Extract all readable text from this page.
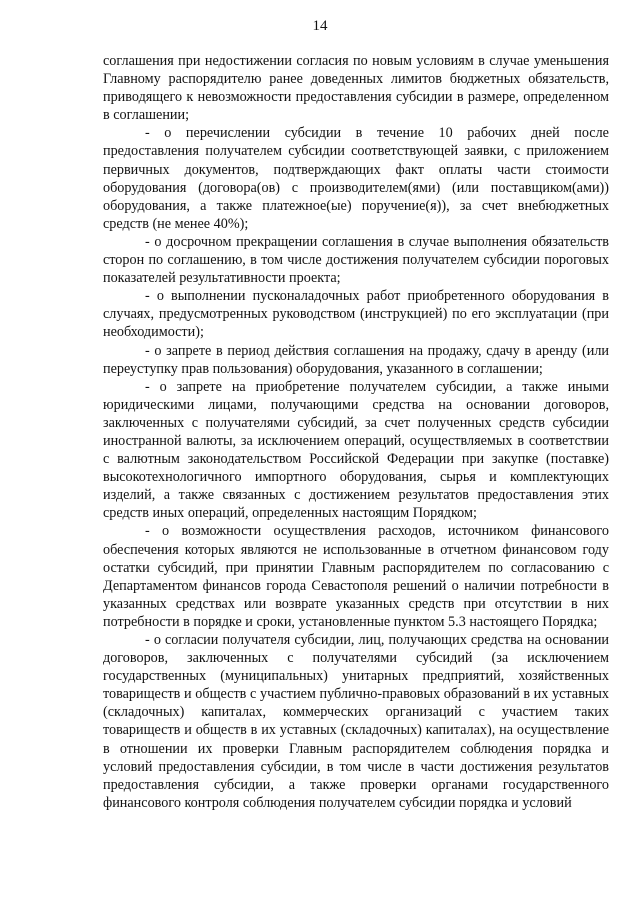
14

соглашения при недостижении согласия по новым условиям в случае уменьшения Главному распорядителю ранее доведенных лимитов бюджетных обязательств, приводящего к невозможности предоставления субсидии в размере, определенном в соглашении;

- о перечислении субсидии в течение 10 рабочих дней после предоставления получателем субсидии соответствующей заявки, с приложением первичных документов, подтверждающих факт оплаты части стоимости оборудования (договора(ов) с производителем(ями) (или поставщиком(ами)) оборудования, а также платежное(ые) поручение(я)), за счет внебюджетных средств (не менее 40%);

- о досрочном прекращении соглашения в случае выполнения обязательств сторон по соглашению, в том числе достижения получателем субсидии пороговых показателей результативности проекта;

- о выполнении пусконаладочных работ приобретенного оборудования в случаях, предусмотренных руководством (инструкцией) по его эксплуатации (при необходимости);

- о запрете в период действия соглашения на продажу, сдачу в аренду (или переуступку прав пользования) оборудования, указанного в соглашении;

- о запрете на приобретение получателем субсидии, а также иными юридическими лицами, получающими средства на основании договоров, заключенных с получателями субсидий, за счет полученных средств субсидии иностранной валюты, за исключением операций, осуществляемых в соответствии с валютным законодательством Российской Федерации при закупке (поставке) высокотехнологичного импортного оборудования, сырья и комплектующих изделий, а также связанных с достижением результатов предоставления этих средств иных операций, определенных настоящим Порядком;

- о возможности осуществления расходов, источником финансового обеспечения которых являются не использованные в отчетном финансовом году остатки субсидий, при принятии Главным распорядителем по согласованию с Департаментом финансов города Севастополя решений о наличии потребности в указанных средствах или возврате указанных средств при отсутствии в них потребности в порядке и сроки, установленные пунктом 5.3 настоящего Порядка;

- о согласии получателя субсидии, лиц, получающих средства на основании договоров, заключенных с получателями субсидий (за исключением государственных (муниципальных) унитарных предприятий, хозяйственных товариществ и обществ с участием публично-правовых образований в их уставных (складочных) капиталах, коммерческих организаций с участием таких товариществ и обществ в их уставных (складочных) капиталах), на осуществление в отношении их проверки Главным распорядителем соблюдения порядка и условий предоставления субсидии, в том числе в части достижения результатов предоставления субсидии, а также проверки органами государственного финансового контроля соблюдения получателем субсидии порядка и условий
